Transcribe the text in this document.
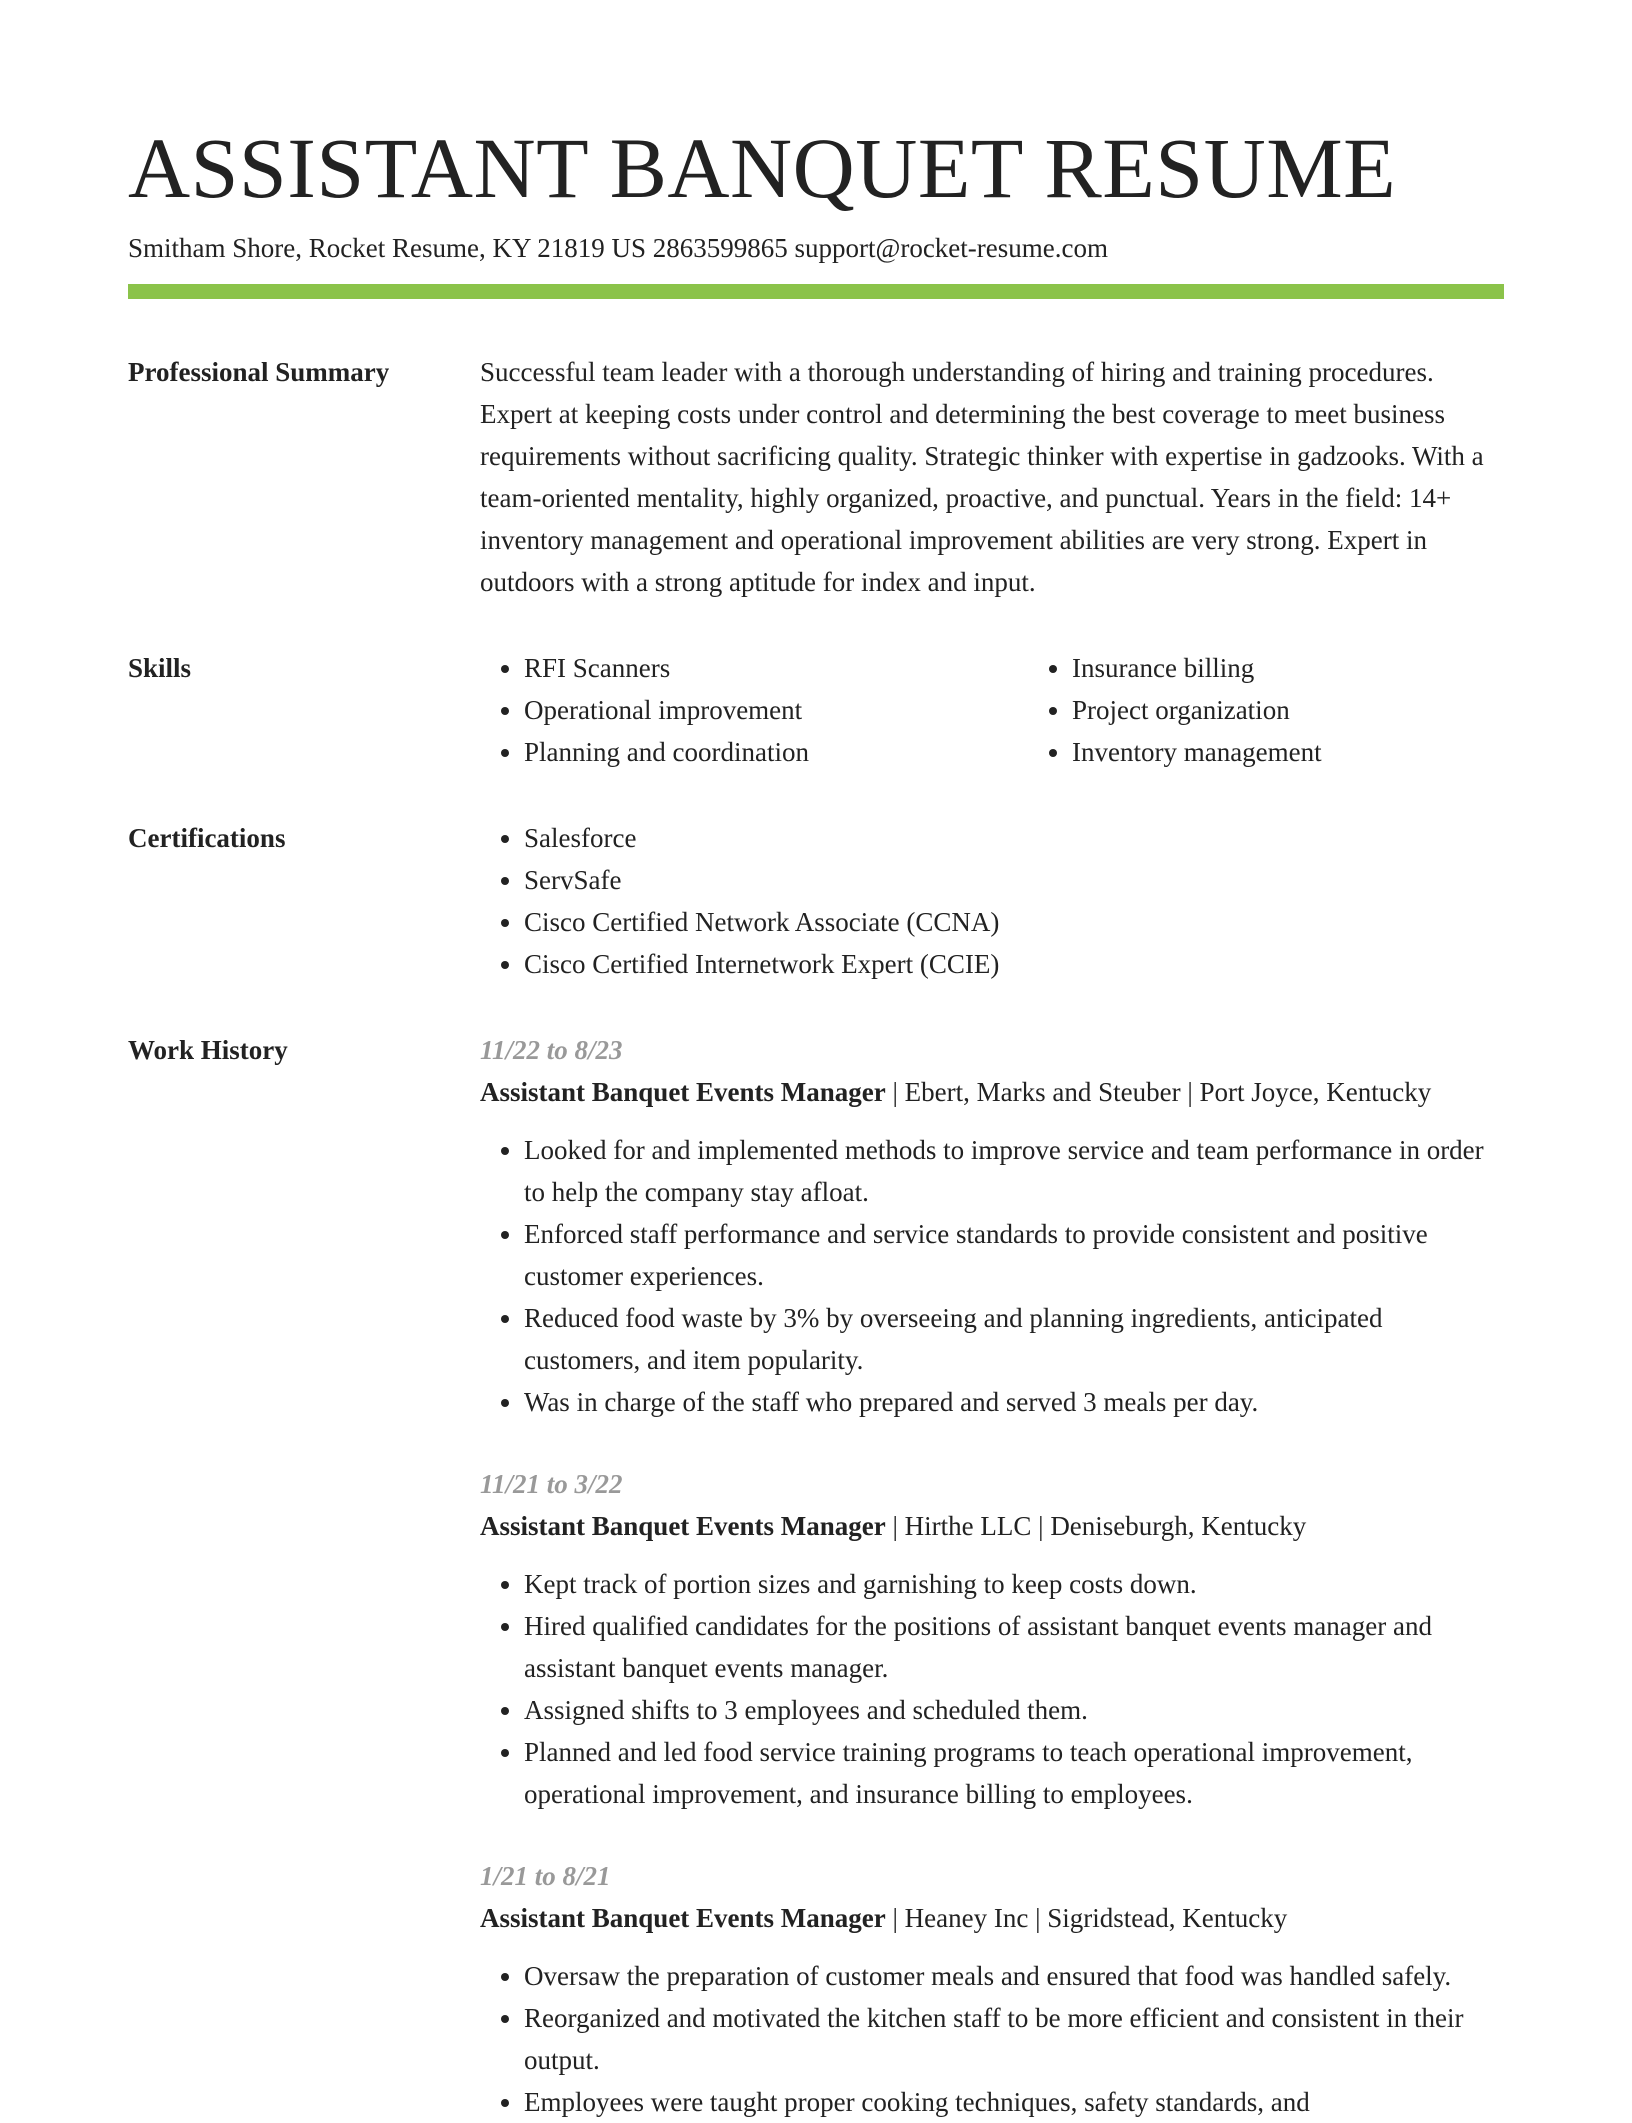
ASSISTANT BANQUET RESUME
Smitham Shore, Rocket Resume, KY 21819 US 2863599865 support@rocket-resume.com
Professional Summary	Successful team leader with a thorough understanding of hiring and training procedures. Expert at keeping costs under control and determining the best coverage to meet business requirements without sacrificing quality. Strategic thinker with expertise in gadzooks. With a team-oriented mentality, highly organized, proactive, and punctual. Years in the field: 14+ inventory management and operational improvement abilities are very strong. Expert in outdoors with a strong aptitude for index and input.

Skills	• RFI Scanners
• Operational improvement
• Planning and coordination
• Insurance billing
• Project organization
• Inventory management
Certifications	• Salesforce
• ServSafe
• Cisco Certified Network Associate (CCNA)
• Cisco Certified Internetwork Expert (CCIE)
Work History	11/22 to 8/23
Assistant Banquet Events Manager | Ebert, Marks and Steuber | Port Joyce, Kentucky
• Looked for and implemented methods to improve service and team performance in order to help the company stay afloat.
• Enforced staff performance and service standards to provide consistent and positive customer experiences.
• Reduced food waste by 3% by overseeing and planning ingredients, anticipated customers, and item popularity.
• Was in charge of the staff who prepared and served 3 meals per day.
11/21 to 3/22
Assistant Banquet Events Manager | Hirthe LLC | Deniseburgh, Kentucky
• Kept track of portion sizes and garnishing to keep costs down.
• Hired qualified candidates for the positions of assistant banquet events manager and assistant banquet events manager.
• Assigned shifts to 3 employees and scheduled them.
• Planned and led food service training programs to teach operational improvement, operational improvement, and insurance billing to employees.
1/21 to 8/21
Assistant Banquet Events Manager | Heaney Inc | Sigridstead, Kentucky
• Oversaw the preparation of customer meals and ensured that food was handled safely.
• Reorganized and motivated the kitchen staff to be more efficient and consistent in their output.
• Employees were taught proper cooking techniques, safety standards, and
